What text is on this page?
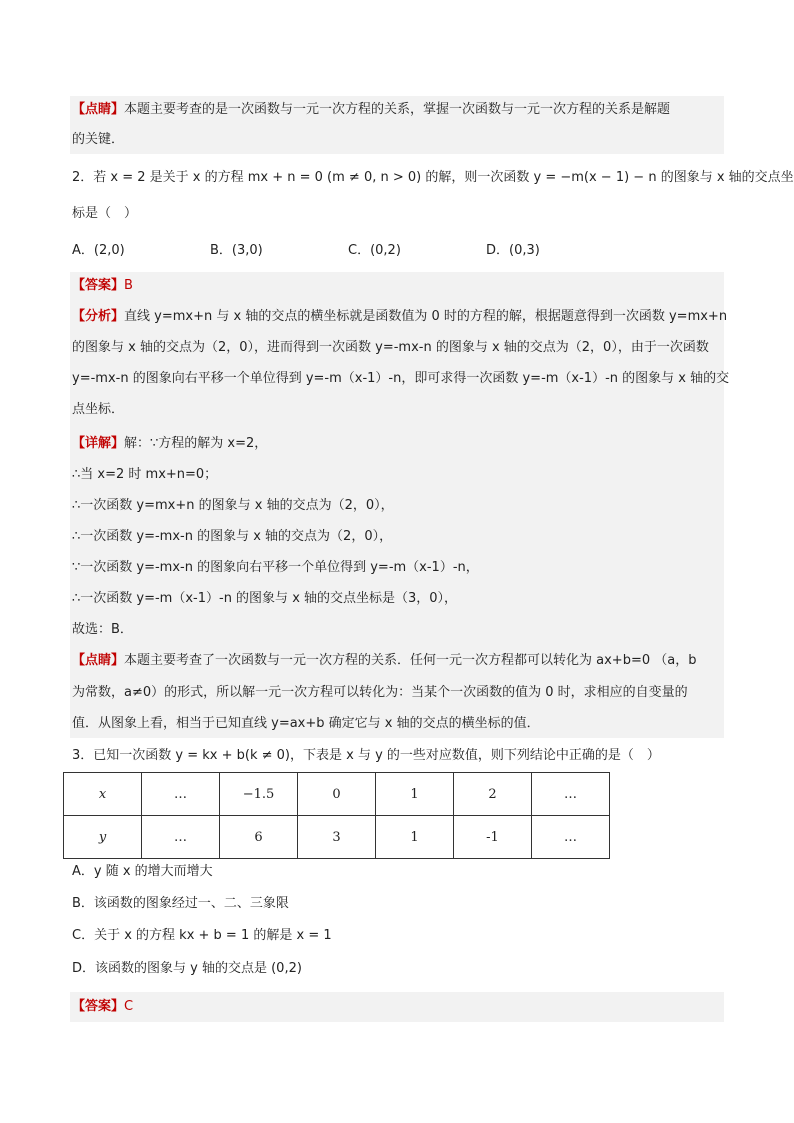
【点睛】本题主要考查的是一次函数与一元一次方程的关系，掌握一次函数与一元一次方程的关系是解题
的关键．
2．若 x = 2 是关于 x 的方程 mx + n = 0 (m ≠ 0, n > 0) 的解，则一次函数 y = −m(x − 1) − n 的图象与 x 轴的交点坐
标是（　）
A．(2,0)	B．(3,0)	C．(0,2)	D．(0,3)
【答案】B
【分析】直线 y=mx+n 与 x 轴的交点的横坐标就是函数值为 0 时的方程的解，根据题意得到一次函数 y=mx+n
的图象与 x 轴的交点为（2，0），进而得到一次函数 y=-mx-n 的图象与 x 轴的交点为（2，0），由于一次函数
y=-mx-n 的图象向右平移一个单位得到 y=-m（x-1）-n，即可求得一次函数 y=-m（x-1）-n 的图象与 x 轴的交
点坐标．
【详解】解：∵方程的解为 x=2，
∴当 x=2 时 mx+n=0；
∴一次函数 y=mx+n 的图象与 x 轴的交点为（2，0），
∴一次函数 y=-mx-n 的图象与 x 轴的交点为（2，0），
∵一次函数 y=-mx-n 的图象向右平移一个单位得到 y=-m（x-1）-n，
∴一次函数 y=-m（x-1）-n 的图象与 x 轴的交点坐标是（3，0），
故选：B．
【点睛】本题主要考查了一次函数与一元一次方程的关系．任何一元一次方程都可以转化为 ax+b=0 （a，b
为常数，a≠0）的形式，所以解一元一次方程可以转化为：当某个一次函数的值为 0 时，求相应的自变量的
值．从图象上看，相当于已知直线 y=ax+b 确定它与 x 轴的交点的横坐标的值．
3．已知一次函数 y = kx + b(k ≠ 0)，下表是 x 与 y 的一些对应数值，则下列结论中正确的是（　）
x	…	−1.5	0	1	2	…
y	…	6	3	1	-1	…
A．y 随 x 的增大而增大
B．该函数的图象经过一、二、三象限
C．关于 x 的方程 kx + b = 1 的解是 x = 1
D．该函数的图象与 y 轴的交点是 (0,2)
【答案】C
